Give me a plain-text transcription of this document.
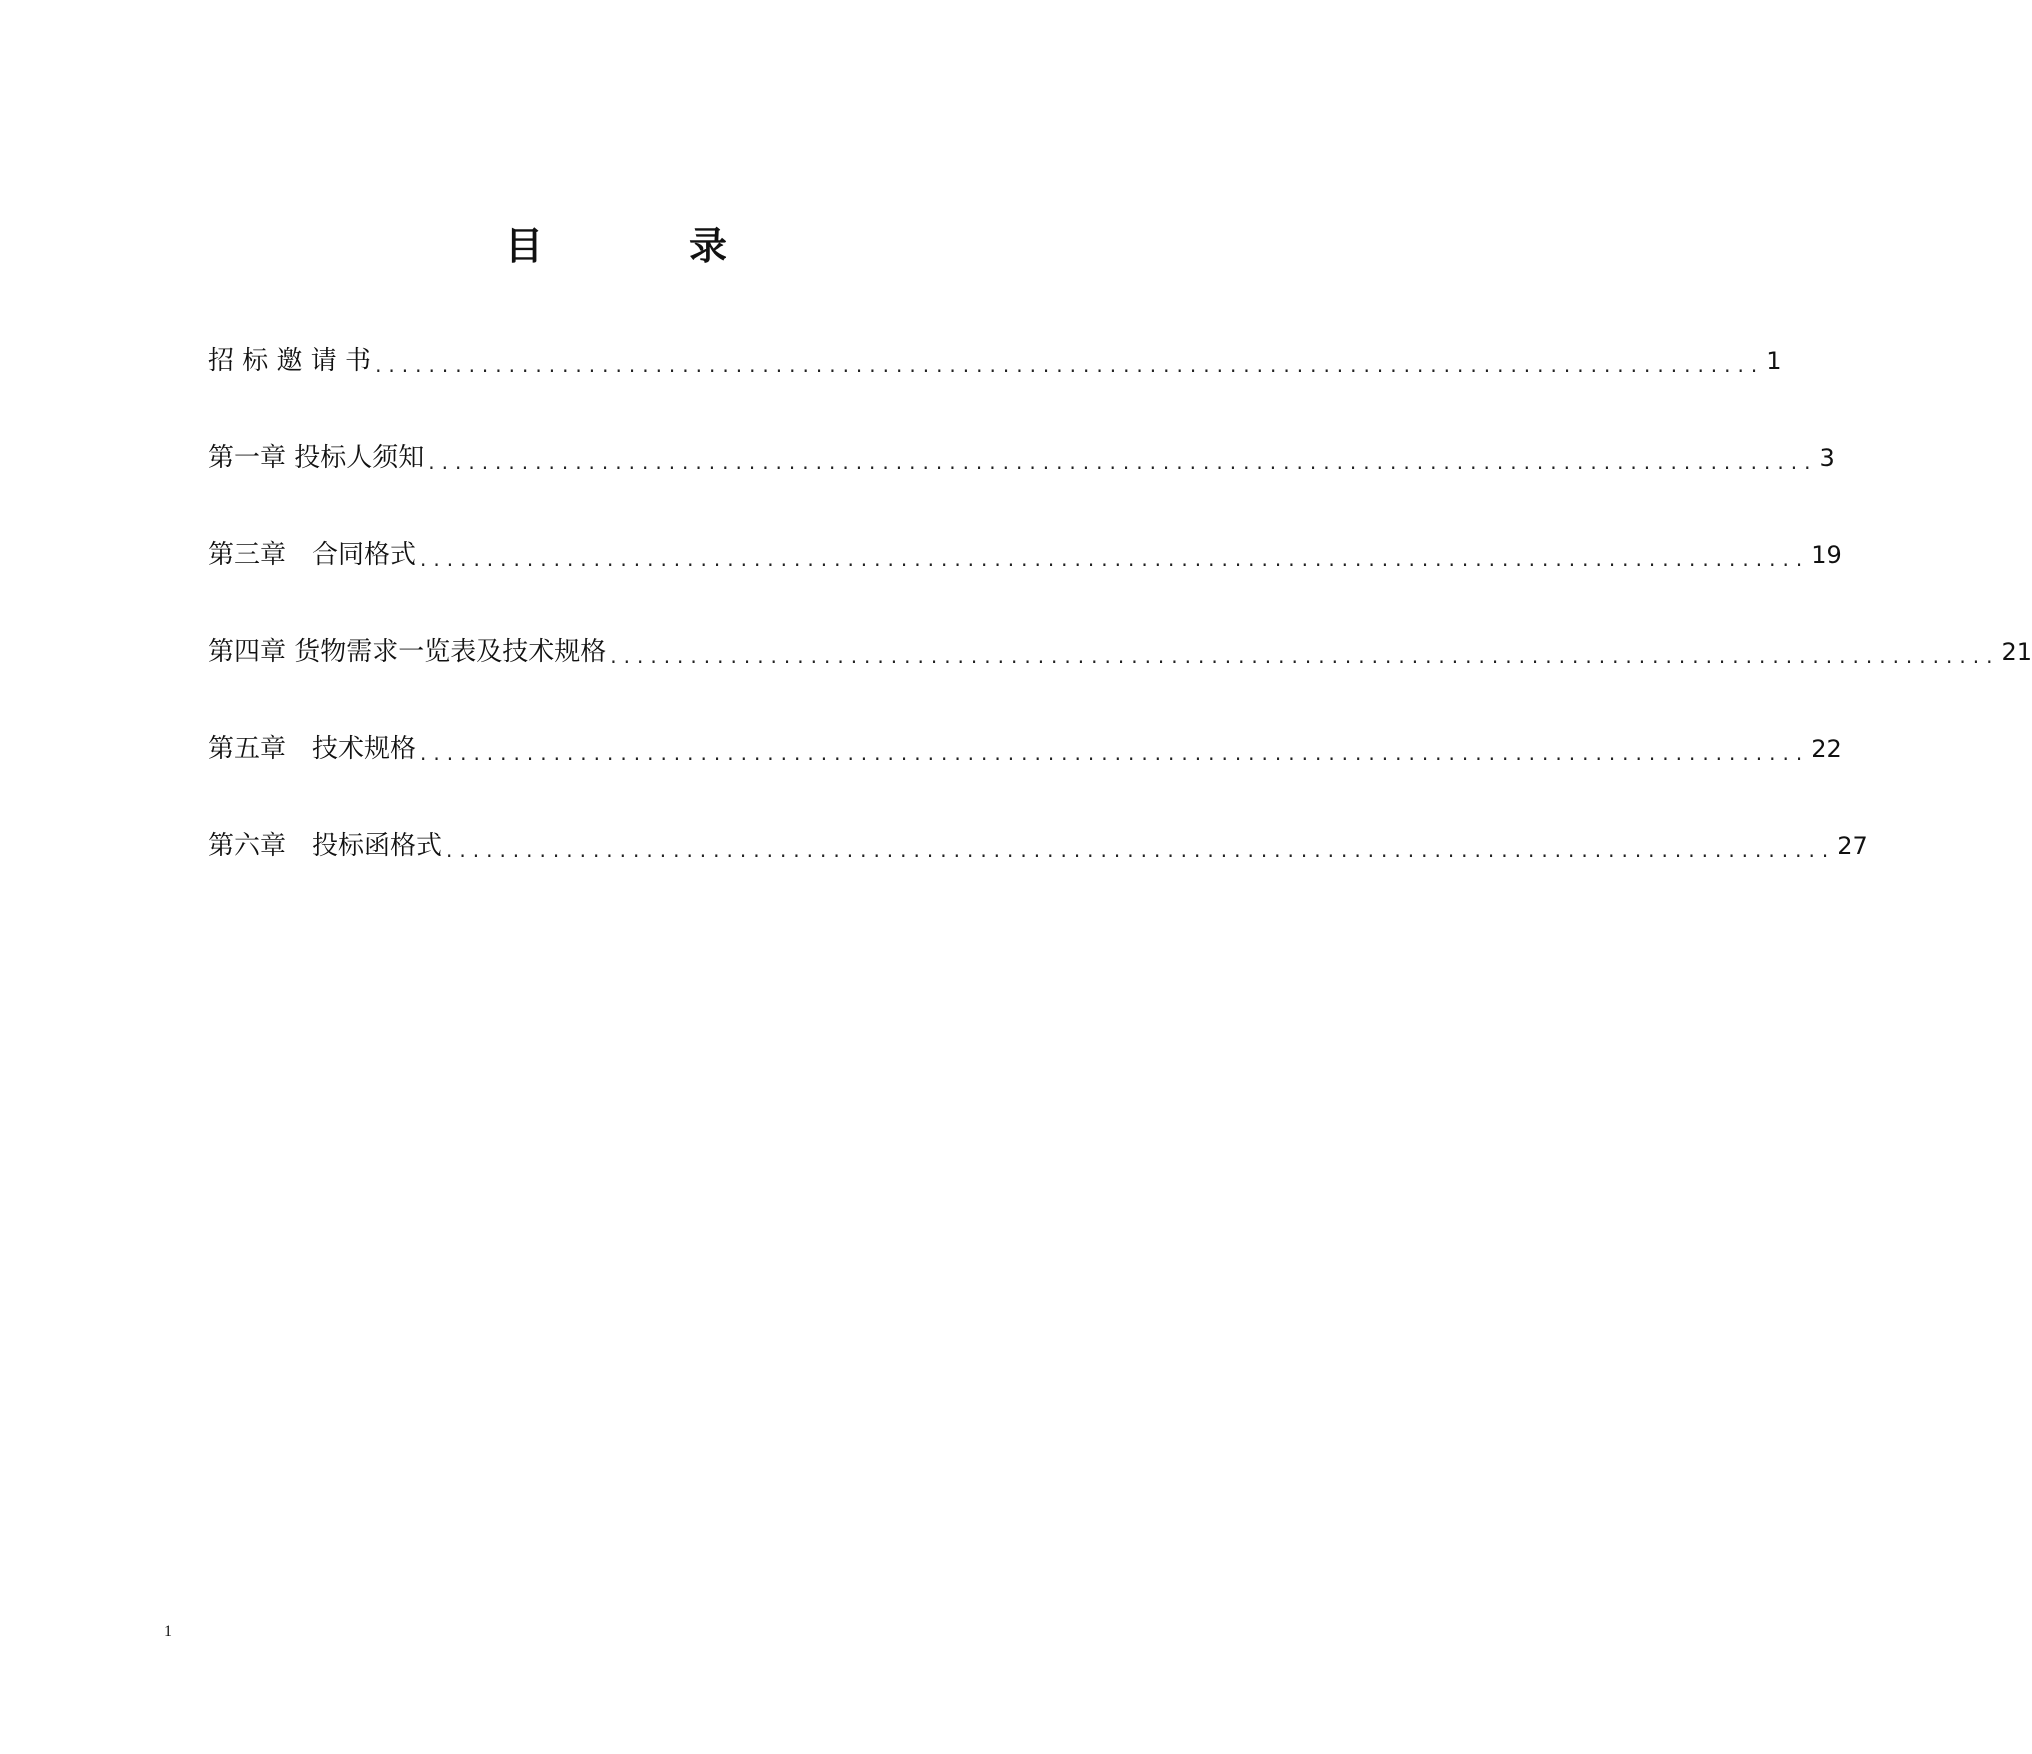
目	录
招 标 邀 请 书 ........................................................................................................ 1
第一章 投标人须知 ........................................................................................................ 3
第三章　合同格式 ........................................................................................................ 19
第四章 货物需求一览表及技术规格 ........................................................................................................ 21
第五章　技术规格 ........................................................................................................ 22
第六章　投标函格式 ........................................................................................................ 27
1
